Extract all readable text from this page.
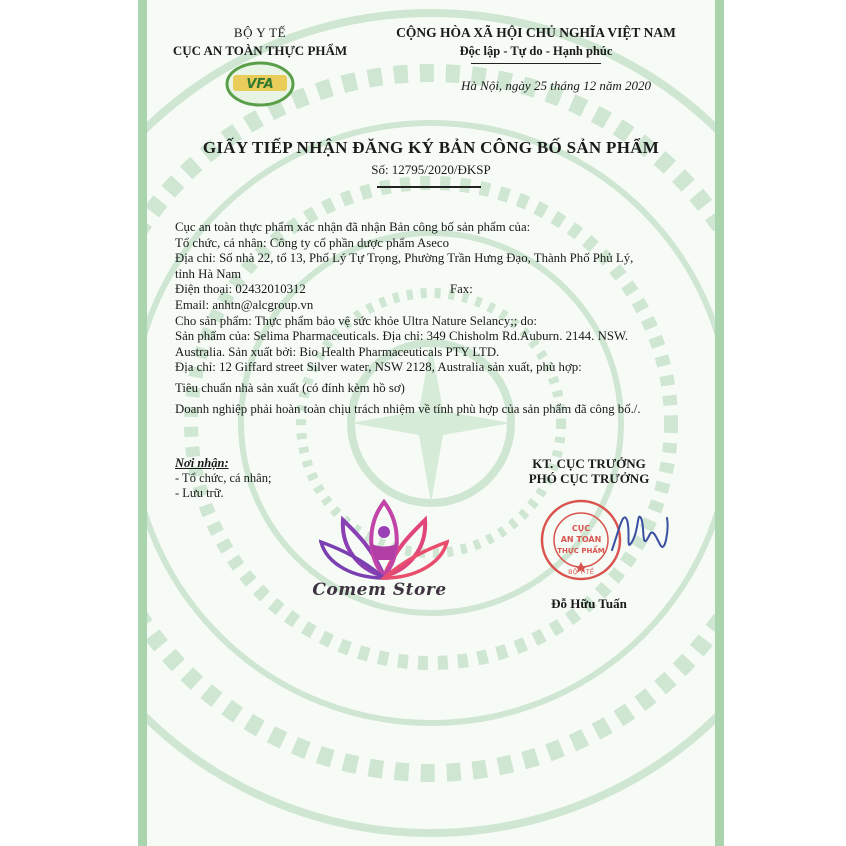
BỘ Y TẾ
CỤC AN TOÀN THỰC PHẨM
VFA
CỘNG HÒA XÃ HỘI CHỦ NGHĨA VIỆT NAM
Độc lập - Tự do - Hạnh phúc
Hà Nội, ngày 25 tháng 12 năm 2020
GIẤY TIẾP NHẬN ĐĂNG KÝ BẢN CÔNG BỐ SẢN PHẨM
Số: 12795/2020/ĐKSP

Cục an toàn thực phẩm xác nhận đã nhận Bản công bố sản phẩm của:

Tổ chức, cá nhân: Công ty cổ phần dược phẩm Aseco

Địa chỉ: Số nhà 22, tổ 13, Phố Lý Tự Trọng, Phường Trần Hưng Đạo, Thành Phố Phủ Lý,

tỉnh Hà Nam

Điện thoại: 02432010312	Fax:

Email: anhtn@alcgroup.vn

Cho sản phẩm: Thực phẩm bảo vệ sức khỏe Ultra Nature Selancy;; do:

Sản phẩm của: Selima Pharmaceuticals. Địa chỉ: 349 Chisholm Rd.Auburn. 2144. NSW.

Australia. Sản xuất bởi: Bio Health Pharmaceuticals PTY LTD.

Địa chỉ: 12 Giffard street Silver water, NSW 2128, Australia sản xuất, phù hợp:

Tiêu chuẩn nhà sản xuất (có đính kèm hồ sơ)

Doanh nghiệp phải hoàn toàn chịu trách nhiệm về tính phù hợp của sản phẩm đã công bố./.

Nơi nhận:
- Tổ chức, cá nhân;
- Lưu trữ.
KT. CỤC TRƯỞNG
PHÓ CỤC TRƯỞNG
CỤC
AN TOÀN
THỰC PHẨM
BỘ Y TẾ
Đỗ Hữu Tuấn
Comem Store
